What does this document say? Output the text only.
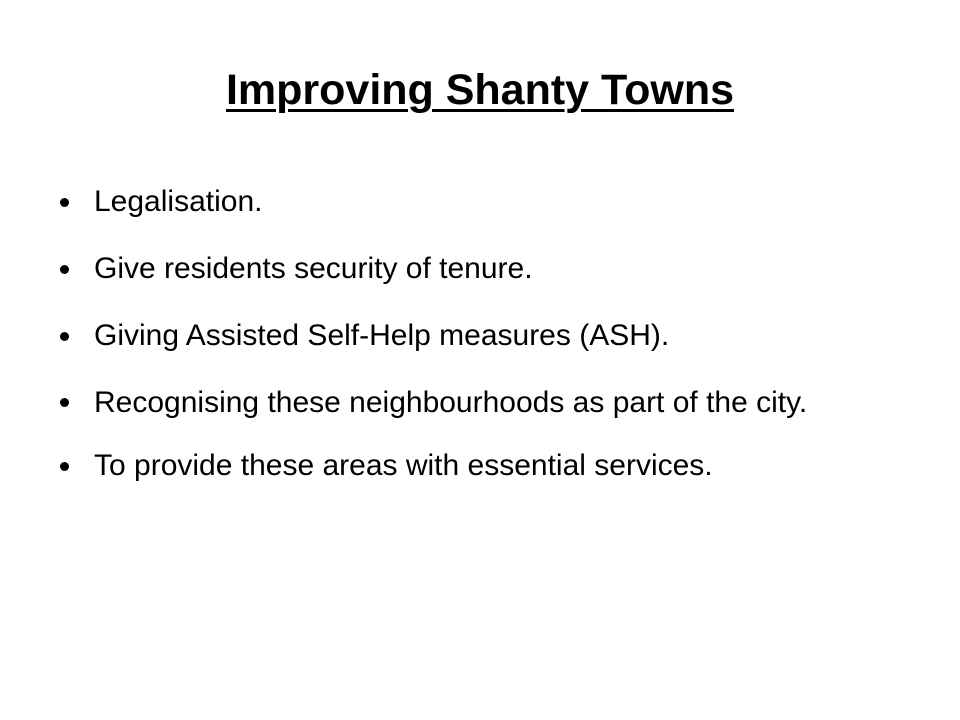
Improving Shanty Towns
Legalisation.
Give residents security of tenure.
Giving Assisted Self-Help measures (ASH).
Recognising these neighbourhoods as part of the city.
To provide these areas with essential services.
